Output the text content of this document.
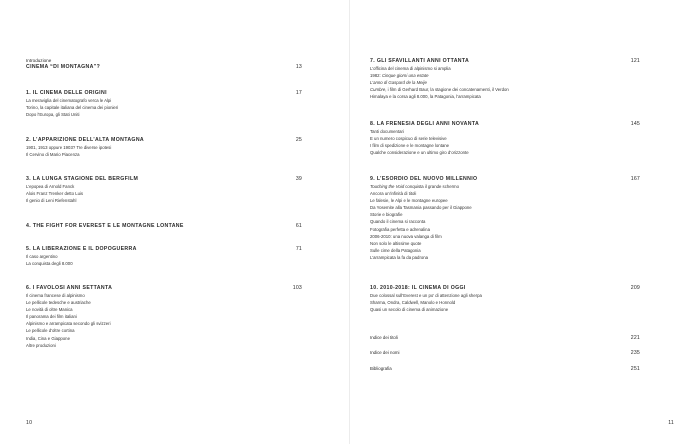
Introduzione
CINEMA “DI MONTAGNA”?	13
1. IL CINEMA DELLE ORIGINI	17
La meraviglia del cinematografo verca le Alpi
Torino, la capitale italiana del cinema dei pionieri
Dopo l’Europa, gli Stati Uniti
2. L’APPARIZIONE DELL’ALTA MONTAGNA	25
1901, 1913 oppure 1903? Tre diverse ipotesi
Il Cervino di Mario Piacenza
3. LA LUNGA STAGIONE DEL BERGFILM	39
L’epopea di Arnold Fanck
Alois Franz Trenker detto Luis
Il genio di Leni Riefenstahl
4. THE FIGHT FOR EVEREST E LE MONTAGNE LONTANE	61
5. LA LIBERAZIONE E IL DOPOGUERRA	71
Il caso argentino
La conquista degli 8.000
6. I FAVOLOSI ANNI SETTANTA	103
Il cinema francese di alpinismo
Le pellicole tedesche e austriache
Le novità di oltre Manica
Il panorama dei film italiani
Alpinismo e arrampicata secondo gli svizzeri
Le pellicole d’oltre cortina
India, Cina e Giappone
Altre produzioni
10
7. GLI SFAVILLANTI ANNI OTTANTA	121
L’officina del cinema di alpinismo si amplia
1982: Cinque giorni una estate
L’anno di Gaspard de la Meije
Cumbre, i film di Gerhard Baur, la stagione dei concatenamenti, il Verdon
Himalaya e la corsa agli 8.000, la Patagonia, l’arrampicata
8. LA FRENESIA DEGLI ANNI NOVANTA	145
Tanti documentari
E un numero cospicuo di serie televisive
I film di spedizione e le montagne lontane
Qualche considerazione e un ultimo giro d’orizzonte
9. L’ESORDIO DEL NUOVO MILLENNIO	167
Touching the Void conquista il grande schermo
Ancora un’infinità di titoli
Le falesie, le Alpi e le montagne europee
Da Yosemite alla Tasmania passando per il Giappone
Storie e biografie
Quando il cinema si racconta
Fotografia perfetta e adrenalina
2006-2010: una nuova valanga di film
Non solo le altissime quote
Sulle cime della Patagonia
L’arrampicata la fa da padrona
10. 2010-2018: IL CINEMA DI OGGI	209
Due colossal sull’Everest e un po’ di attenzione agli sherpa
Sharma, Ondra, Caldwell, Manolo e Honnold
Quasi un secolo di cinema di animazione
Indice dei titoli	221
Indice dei nomi	235
Bibliografia	251
11
